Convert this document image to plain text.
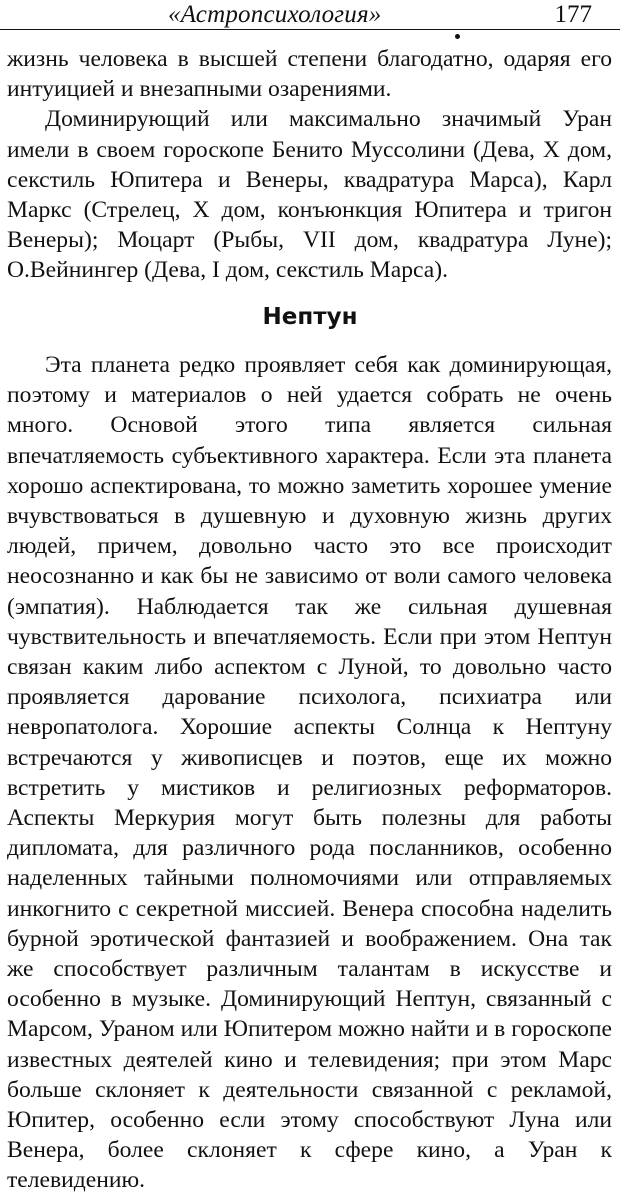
«Астропсихология»	177

жизнь человека в высшей степени благодатно, одаряя его интуицией и внезапными озарениями.

Доминирующий или максимально значимый Уран имели в своем гороскопе Бенито Муссолини (Дева, X дом, секстиль Юпитера и Венеры, квадратура Марса), Карл Маркс (Стрелец, X дом, конъюнкция Юпитера и тригон Венеры); Моцарт (Рыбы, VII дом, квадратура Луне); О.Вейнингер (Дева, I дом, секстиль Марса).

Нептун

Эта планета редко проявляет себя как доминирующая, поэтому и материалов о ней удается собрать не очень много. Основой этого типа является сильная впечатляемость субъективного характера. Если эта планета хорошо аспектирована, то можно заметить хорошее умение вчувствоваться в душевную и духовную жизнь других людей, причем, довольно часто это все происходит неосознанно и как бы не зависимо от воли самого человека (эмпатия). Наблюдается так же сильная душевная чувствительность и впечатляемость. Если при этом Нептун связан каким либо аспектом с Луной, то довольно часто проявляется дарование психолога, психиатра или невропатолога. Хорошие аспекты Солнца к Нептуну встречаются у живописцев и поэтов, еще их можно встретить у мистиков и религиозных реформаторов. Аспекты Меркурия могут быть полезны для работы дипломата, для различного рода посланников, особенно наделенных тайными полномочиями или отправляемых инкогнито с секретной миссией. Венера способна наделить бурной эротической фантазией и воображением. Она так же способствует различным талантам в искусстве и особенно в музыке. Доминирующий Нептун, связанный с Марсом, Ураном или Юпитером можно найти и в гороскопе известных деятелей кино и телевидения; при этом Марс больше склоняет к деятельности связанной с рекламой, Юпитер, особенно если этому способствуют Луна или Венера, более склоняет к сфере кино, а Уран к телевидению.
